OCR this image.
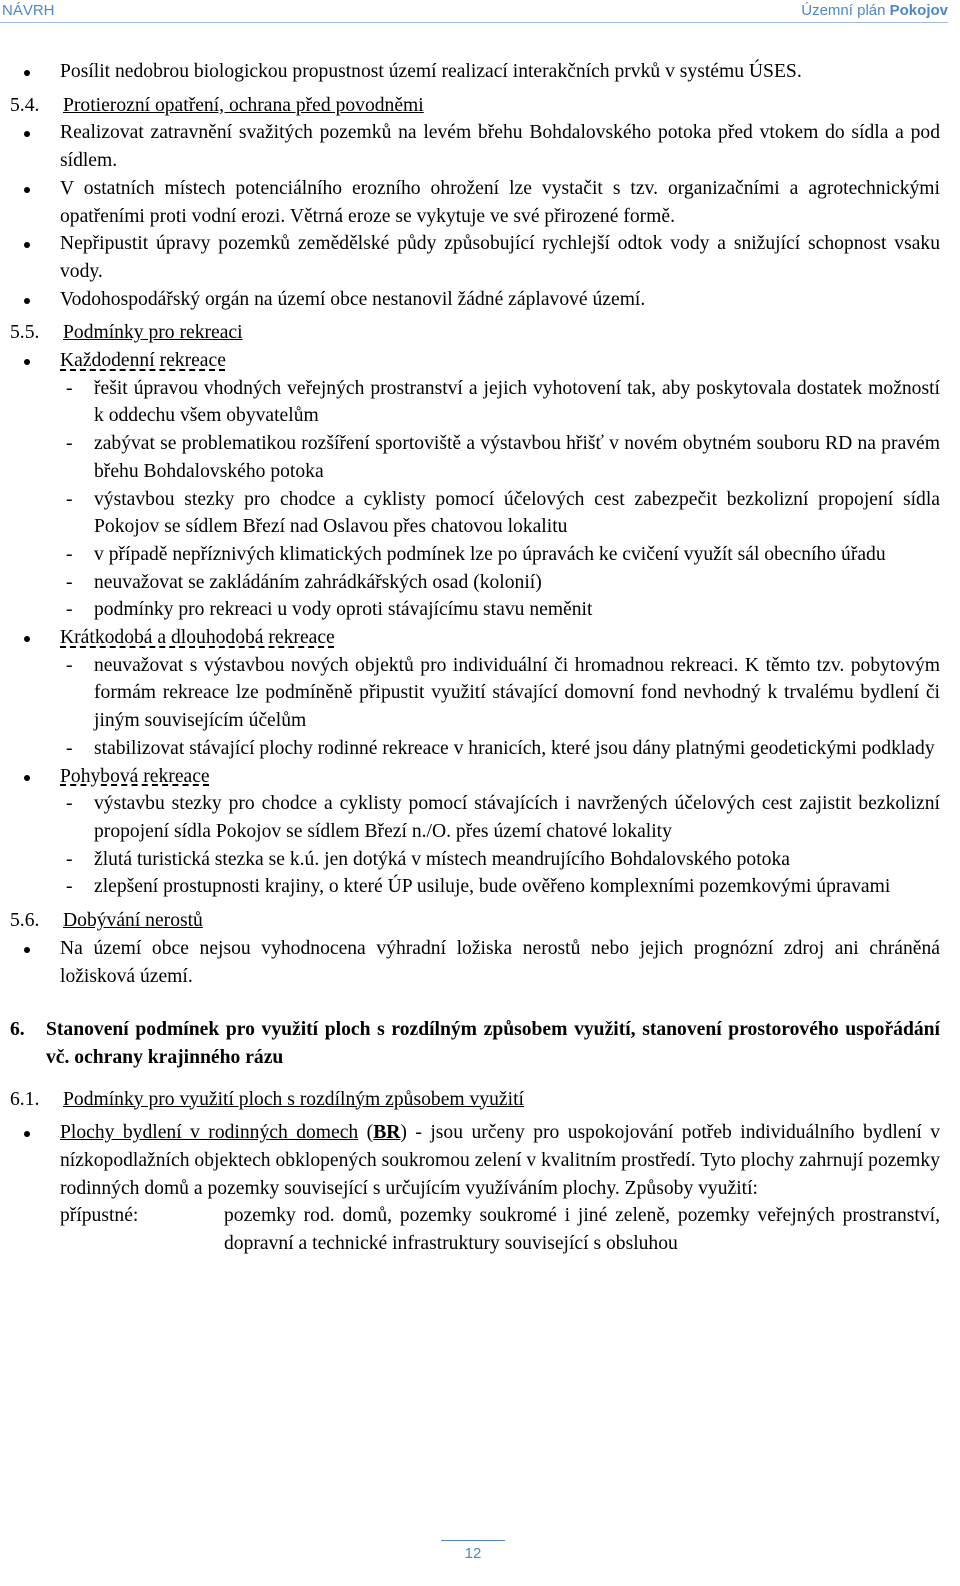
NÁVRH	Územní plán Pokojov
Posílit nedobrou biologickou propustnost území realizací interakčních prvků v systému ÚSES.
5.4. Protierozní opatření, ochrana před povodněmi
Realizovat zatravnění svažitých pozemků na levém břehu Bohdalovského potoka před vtokem do sídla a pod sídlem.
V ostatních místech potenciálního erozního ohrožení lze vystačit s tzv. organizačními a agrotechnickými opatřeními proti vodní erozi. Větrná eroze se vykytuje ve své přirozené formě.
Nepřipustit úpravy pozemků zemědělské půdy způsobující rychlejší odtok vody a snižující schopnost vsaku vody.
Vodohospodářský orgán na území obce nestanovil žádné záplavové území.
5.5. Podmínky pro rekreaci
Každodenní rekreace
- řešit úpravou vhodných veřejných prostranství a jejich vyhotovení tak, aby poskytovala dostatek možností k oddechu všem obyvatelům
- zabývat se problematikou rozšíření sportoviště a výstavbou hřišť v novém obytném souboru RD na pravém břehu Bohdalovského potoka
- výstavbou stezky pro chodce a cyklisty pomocí účelových cest zabezpečit bezkolizní propojení sídla Pokojov se sídlem Březí nad Oslavou přes chatovou lokalitu
- v případě nepříznivých klimatických podmínek lze po úpravách ke cvičení využít sál obecního úřadu
- neuvažovat se zakládáním zahrádkářských osad (kolonií)
- podmínky pro rekreaci u vody oproti stávajícímu stavu neměnit
Krátkodobá a dlouhodobá rekreace
- neuvažovat s výstavbou nových objektů pro individuální či hromadnou rekreaci. K těmto tzv. pobytovým formám rekreace lze podmíněně připustit využití stávající domovní fond nevhodný k trvalému bydlení či jiným souvisejícím účelům
- stabilizovat stávající plochy rodinné rekreace v hranicích, které jsou dány platnými geodetickými podklady
Pohybová rekreace
- výstavbu stezky pro chodce a cyklisty pomocí stávajících i navržených účelových cest zajistit bezkolizní propojení sídla Pokojov se sídlem Březí n./O. přes území chatové lokality
- žlutá turistická stezka se k.ú. jen dotýká v místech meandrujícího Bohdalovského potoka
- zlepšení prostupnosti krajiny, o které ÚP usiluje, bude ověřeno komplexními pozemkovými úpravami
5.6. Dobývání nerostů
Na území obce nejsou vyhodnocena výhradní ložiska nerostů nebo jejich prognózní zdroj ani chráněná ložisková území.
6. Stanovení podmínek pro využití ploch s rozdílným způsobem využití, stanovení prostorového uspořádání vč. ochrany krajinného rázu
6.1. Podmínky pro využití ploch s rozdílným způsobem využití
Plochy bydlení v rodinných domech (BR) - jsou určeny pro uspokojování potřeb individuálního bydlení v nízkopodlažních objektech obklopených soukromou zelení v kvalitním prostředí. Tyto plochy zahrnují pozemky rodinných domů a pozemky související s určujícím využíváním plochy. Způsoby využití:
přípustné:	pozemky rod. domů, pozemky soukromé i jiné zeleně, pozemky veřejných prostranství, dopravní a technické infrastruktury související s obsluhou
12
